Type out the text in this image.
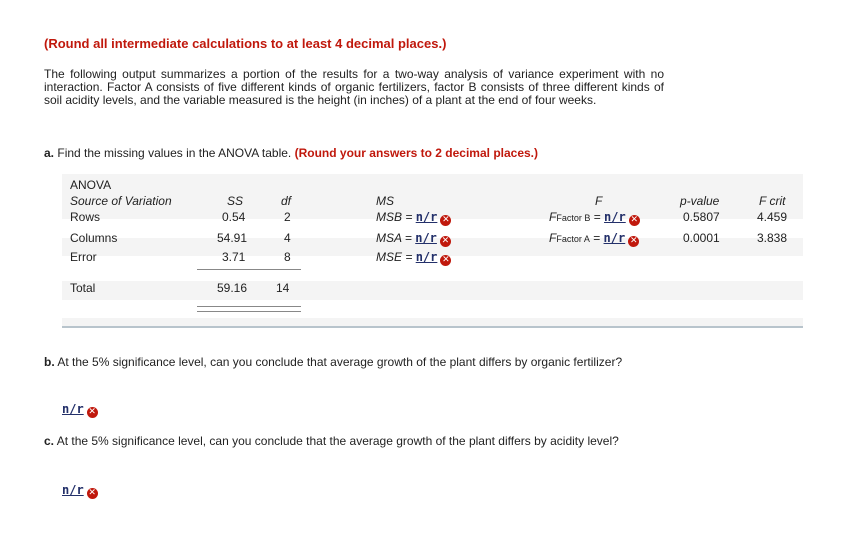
(Round all intermediate calculations to at least 4 decimal places.)
The following output summarizes a portion of the results for a two-way analysis of variance experiment with no interaction. Factor A consists of five different kinds of organic fertilizers, factor B consists of three different kinds of soil acidity levels, and the variable measured is the height (in inches) of a plant at the end of four weeks.
a. Find the missing values in the ANOVA table. (Round your answers to 2 decimal places.)
ANOVA
Source of Variation	SS	df	MS	F	p-value	F crit
Rows	0.54	2	MSB = n/r ✕	FFactor B = n/r ✕	0.5807	4.459
Columns	54.91	4	MSA = n/r ✕	FFactor A = n/r ✕	0.0001	3.838
Error	3.71	8	MSE = n/r ✕
Total	59.16 14
b. At the 5% significance level, can you conclude that average growth of the plant differs by organic fertilizer?
n/r ✕
c. At the 5% significance level, can you conclude that the average growth of the plant differs by acidity level?
n/r ✕
